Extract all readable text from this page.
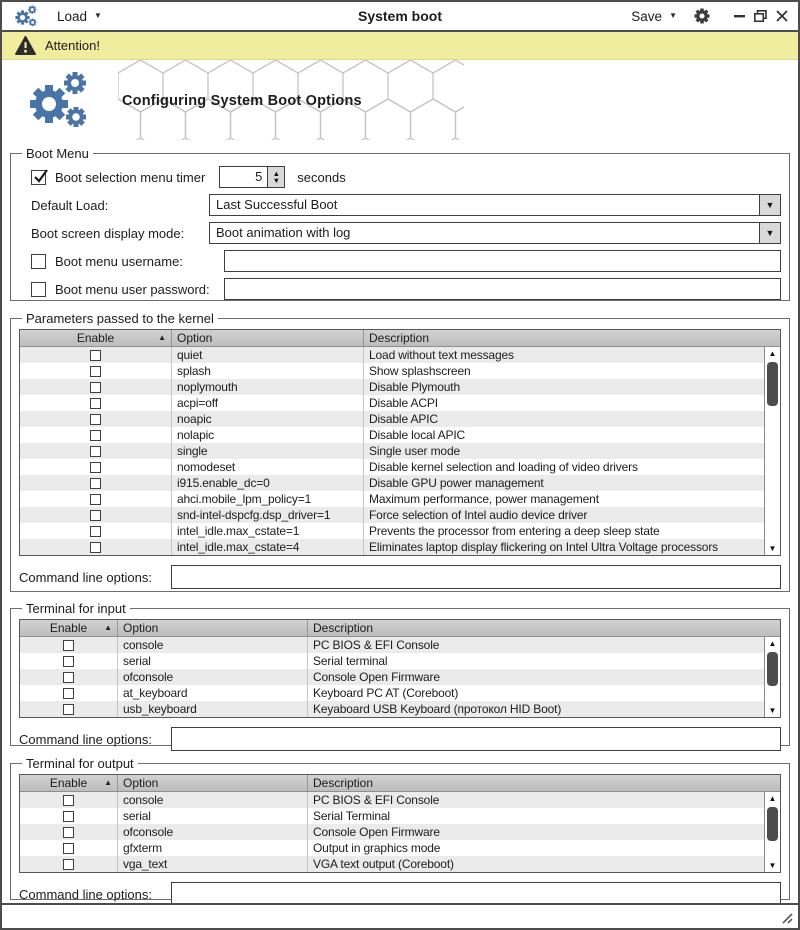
Load ▼	System boot	Save ▼
Attention!
Configuring System Boot Options
Boot Menu
Boot selection menu timer	5	▲
▼ seconds
Default Load:	Last Successful Boot	▼
Boot screen display mode:	Boot animation with log	▼
Boot menu username:
Boot menu user password:
Parameters passed to the kernel
Enable	▲ Option	Description
quiet	Load without text messages
splash	Show splashscreen
noplymouth	Disable Plymouth
acpi=off	Disable ACPI
noapic	Disable APIC
nolapic	Disable local APIC
single	Single user mode
nomodeset	Disable kernel selection and loading of video drivers
i915.enable_dc=0	Disable GPU power management
ahci.mobile_lpm_policy=1	Maximum performance, power management
snd-intel-dspcfg.dsp_driver=1	Force selection of Intel audio device driver
intel_idle.max_cstate=1	Prevents the processor from entering a deep sleep state
intel_idle.max_cstate=4	Eliminates laptop display flickering on Intel Ultra Voltage processors
▲
▼
Command line options:
Terminal for input
Enable ▲ Option	Description
console	PC BIOS & EFI Console
serial	Serial terminal
ofconsole	Console Open Firmware
at_keyboard	Keyboard PC AT (Coreboot)
usb_keyboard	Keyaboard USB Keyboard (протокол HID Boot)
▲
▼
Command line options:
Terminal for output
Enable ▲ Option	Description
console	PC BIOS & EFI Console
serial	Serial Terminal
ofconsole	Console Open Firmware
gfxterm	Output in graphics mode
vga_text	VGA text output (Coreboot)
▲
▼
Command line options:
